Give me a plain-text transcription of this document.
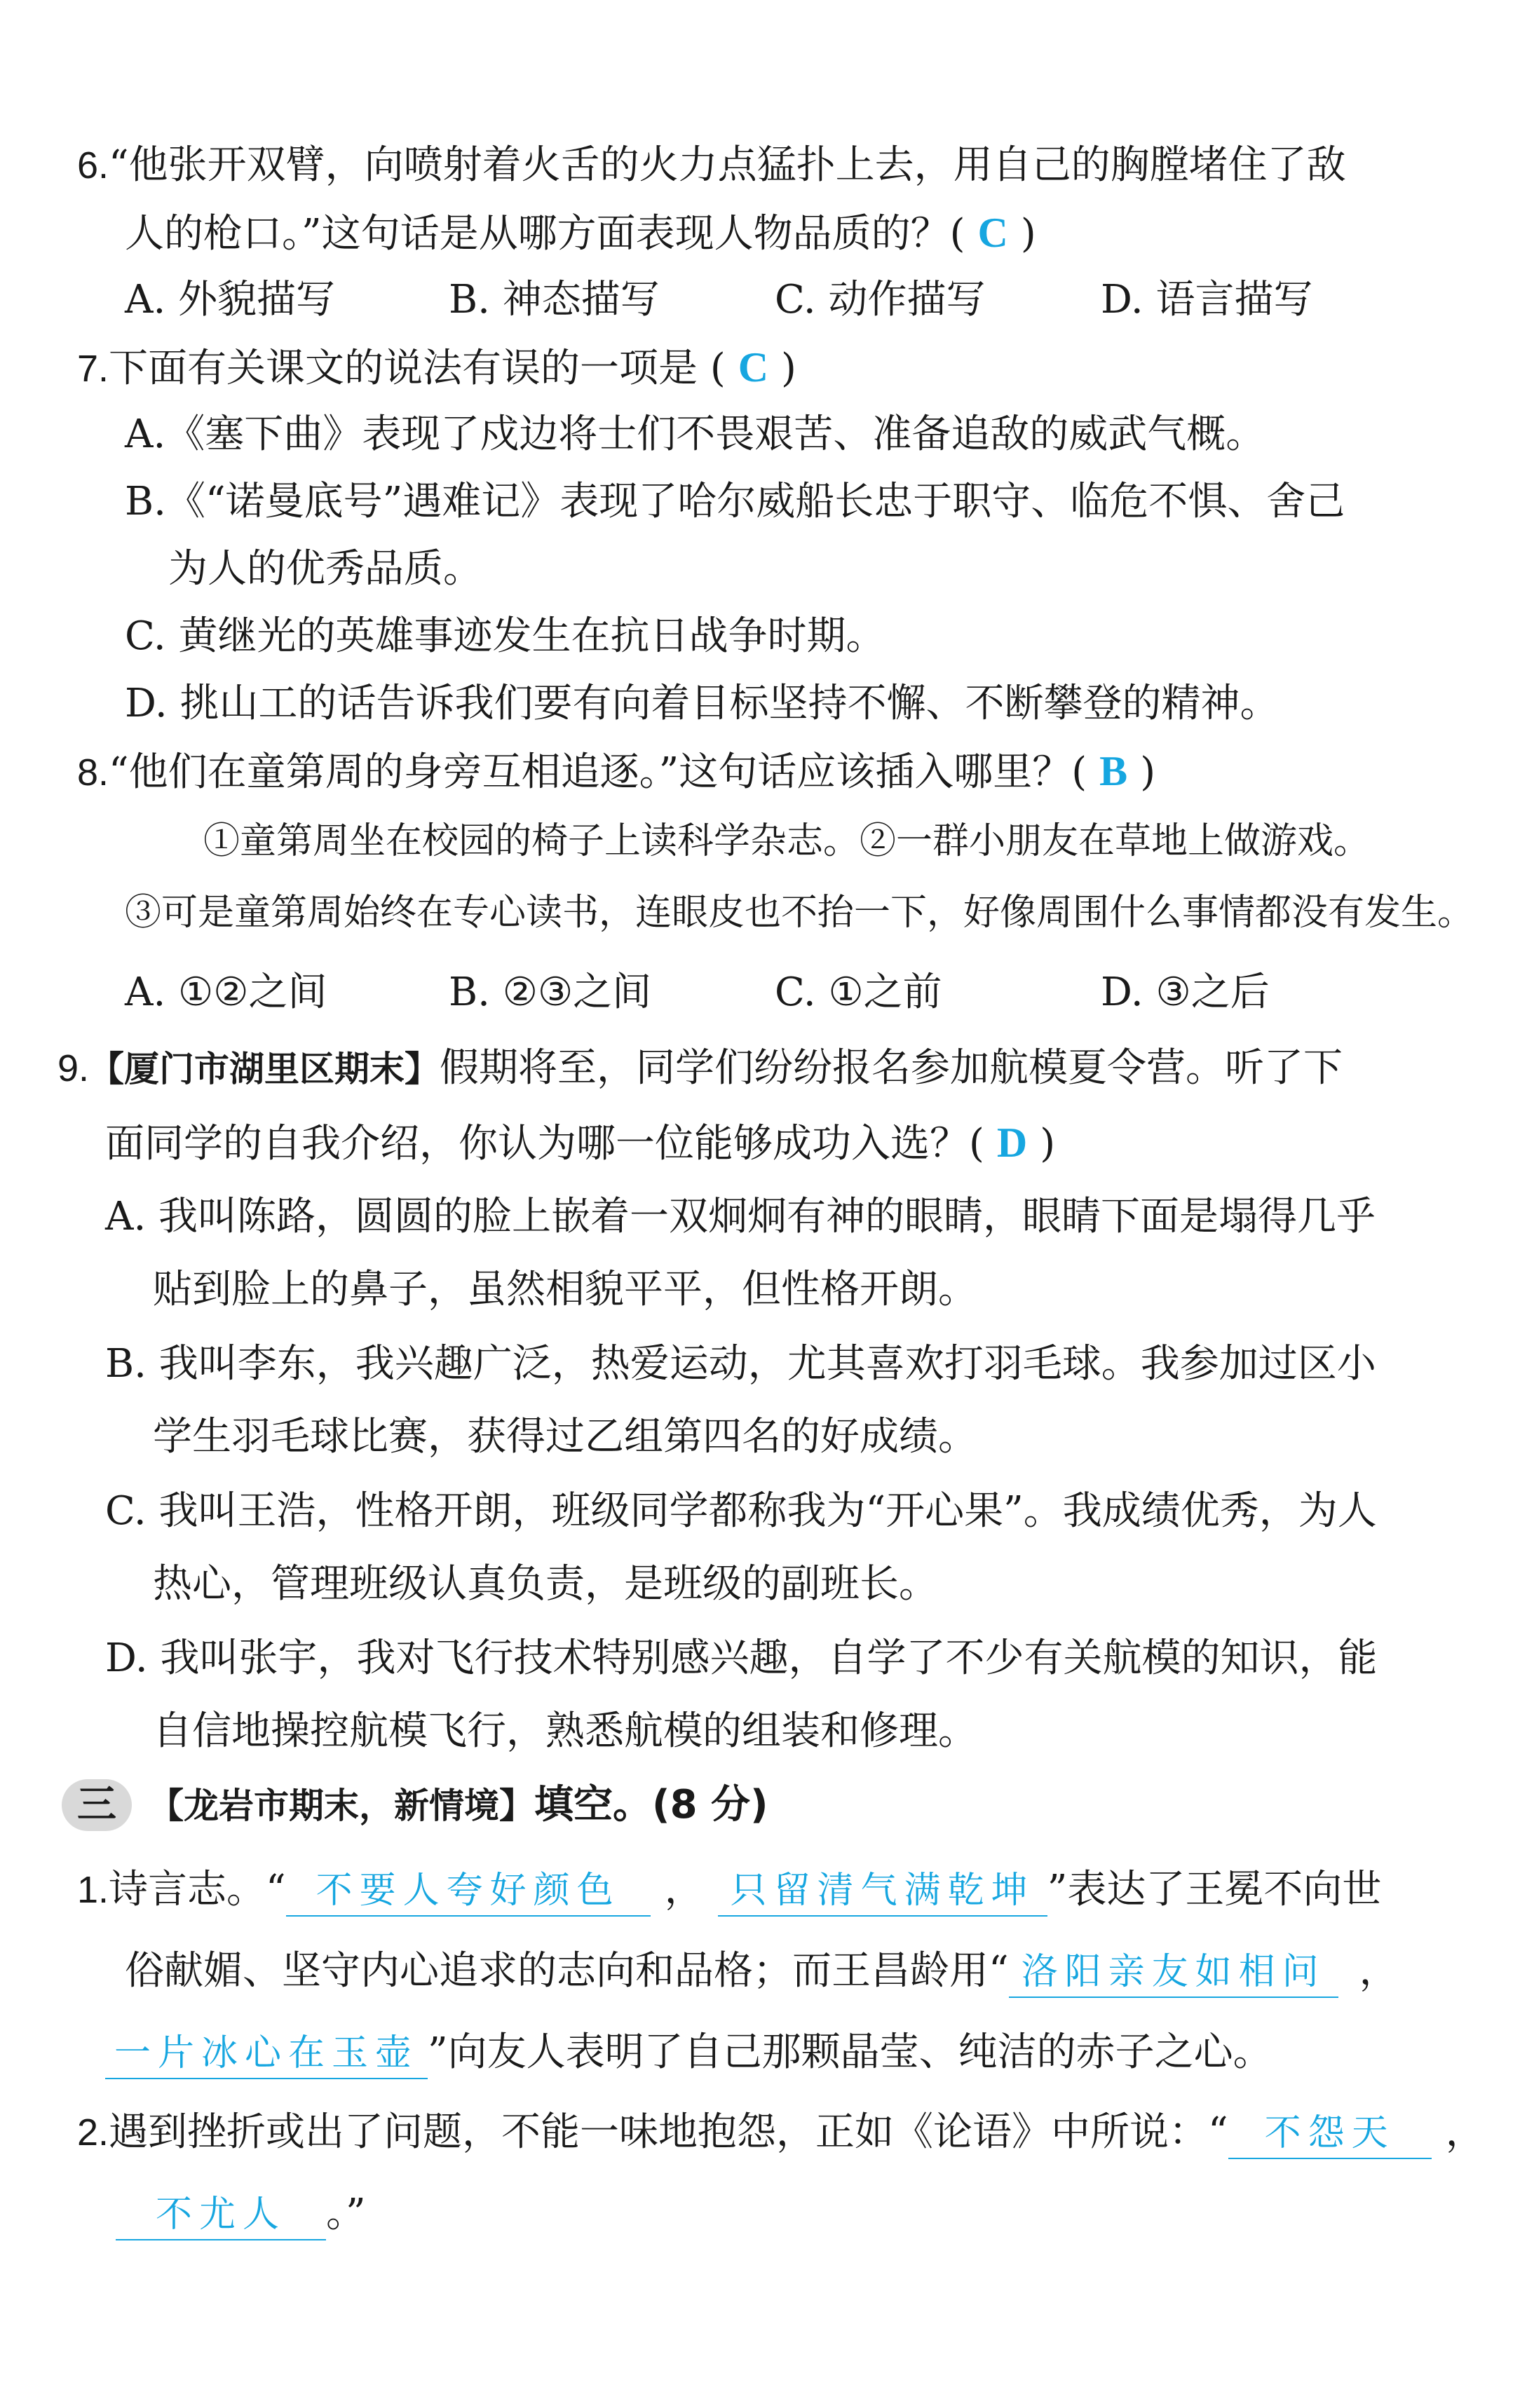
6.“他张开双臂，向喷射着火舌的火力点猛扑上去，用自己的胸膛堵住了敌
人的枪口。”这句话是从哪方面表现人物品质的？( C )
A. 外貌描写	B. 神态描写	C. 动作描写	D. 语言描写
7.下面有关课文的说法有误的一项是 ( C )
A.《塞下曲》表现了戍边将士们不畏艰苦、准备追敌的威武气概。
B.《“诺曼底号”遇难记》表现了哈尔威船长忠于职守、临危不惧、舍己
为人的优秀品质。
C. 黄继光的英雄事迹发生在抗日战争时期。
D. 挑山工的话告诉我们要有向着目标坚持不懈、不断攀登的精神。
8.“他们在童第周的身旁互相追逐。”这句话应该插入哪里？( B )
①童第周坐在校园的椅子上读科学杂志。②一群小朋友在草地上做游戏。
③可是童第周始终在专心读书，连眼皮也不抬一下，好像周围什么事情都没有发生。
A. ①②之间	B. ②③之间	C. ①之前	D. ③之后
9.【厦门市湖里区期末】假期将至，同学们纷纷报名参加航模夏令营。听了下
面同学的自我介绍，你认为哪一位能够成功入选？( D )
A. 我叫陈路，圆圆的脸上嵌着一双炯炯有神的眼睛，眼睛下面是塌得几乎
贴到脸上的鼻子，虽然相貌平平，但性格开朗。
B. 我叫李东，我兴趣广泛，热爱运动，尤其喜欢打羽毛球。我参加过区小
学生羽毛球比赛，获得过乙组第四名的好成绩。
C. 我叫王浩，性格开朗，班级同学都称我为“开心果”。我成绩优秀，为人
热心，管理班级认真负责，是班级的副班长。
D. 我叫张宇，我对飞行技术特别感兴趣，自学了不少有关航模的知识，能
自信地操控航模飞行，熟悉航模的组装和修理。
三 【龙岩市期末，新情境】填空。(8 分)
1.诗言志。“ 不要人夸好颜色 ， 只留清气满乾坤 ”表达了王冕不向世
俗献媚、坚守内心追求的志向和品格；而王昌龄用“ 洛阳亲友如相问 ，
一片冰心在玉壶 ”向友人表明了自己那颗晶莹、纯洁的赤子之心。
2.遇到挫折或出了问题，不能一味地抱怨，正如《论语》中所说：“ 不怨天 ，
不尤人 。”
